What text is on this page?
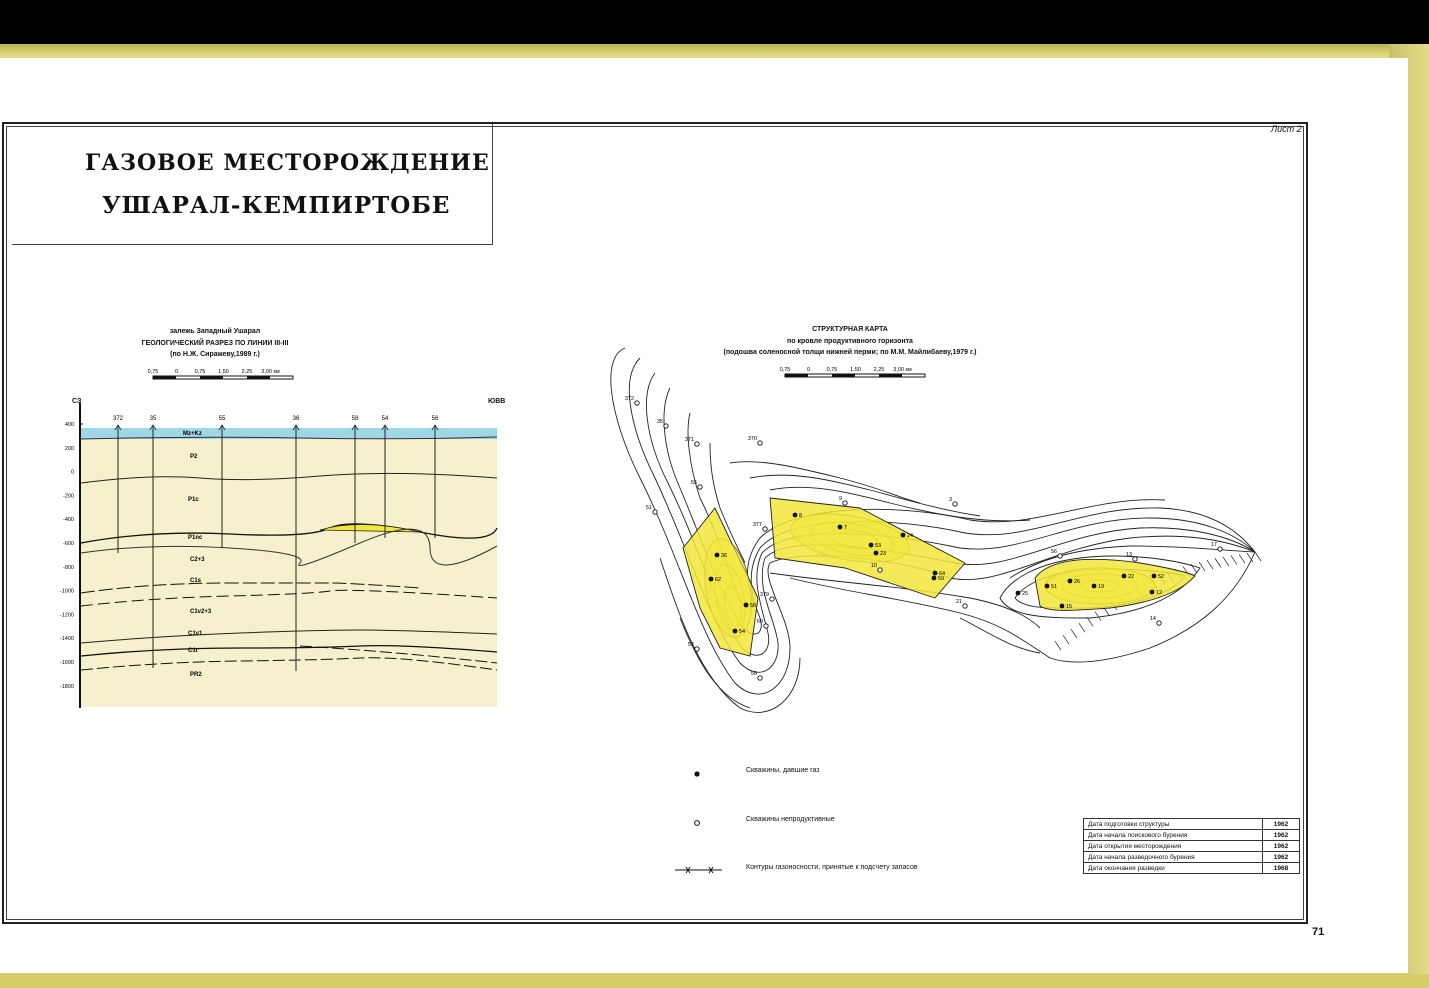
ГАЗОВОЕ МЕСТОРОЖДЕНИЕ
УШАРАЛ-КЕМПИРТОБЕ
Лист 2
71
залежь Западный Ушарал
ГЕОЛОГИЧЕСКИЙ РАЗРЕЗ ПО ЛИНИИ III-III
(по Н.Ж. Сиражеву,1989 г.)
0,75	0	0,75 1,50 2,25 3,00 км
400
200
0
-200
-400
-600
-800
-1000
-1200
-1400
-1600
-1800
372	35	55	36	58	54	56
Mz+Kz
P2
P1c
P1nc
C2+3
C1s
C1v2+3
C1v1
C1t
PR2
СЗ	ЮВВ
СТРУКТУРНАЯ КАРТА
по кровле продуктивного горизонта
(подошва соленосной толщи нижней перми; по М.М. Майлибаеву,1979 г.)
0,75	0	0,75 1,50 2,25 3,00 км
36
62
58
54
8
7
53
23
24
64
59
25
51
26
19
22	52
12
15
372
35
371	370
55
51
377
379
60
57
56
9	3
10
21
56	13
17
14
Скважины, давшие газ
Скважины непродуктивные
Контуры газоносности, принятые к подсчету запасов
Дата подготовки структуры	1962
Дата начала поискового бурения	1962
Дата открытия месторождения	1962
Дата начала разведочного бурения	1962
Дата окончания разведки	1968
